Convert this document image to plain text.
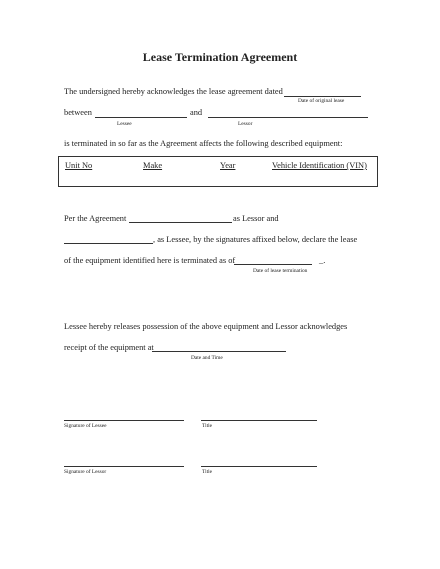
Lease Termination Agreement
The undersigned hereby acknowledges the lease agreement dated
Date of original lease
between	and
Lessee	Lessor
is terminated in so far as the Agreement affects the following described equipment:
Unit No	Make	Year	Vehicle Identification (VIN)
Per the Agreement	as Lessor and
, as Lessee, by the signatures affixed below, declare the lease
of the equipment identified here is terminated as of	_.
Date of lease termination
Lessee hereby releases possession of the above equipment and Lessor acknowledges
receipt of the equipment at
Date and Time
Signature of Lessee	Title
Signature of Lessor	Title
